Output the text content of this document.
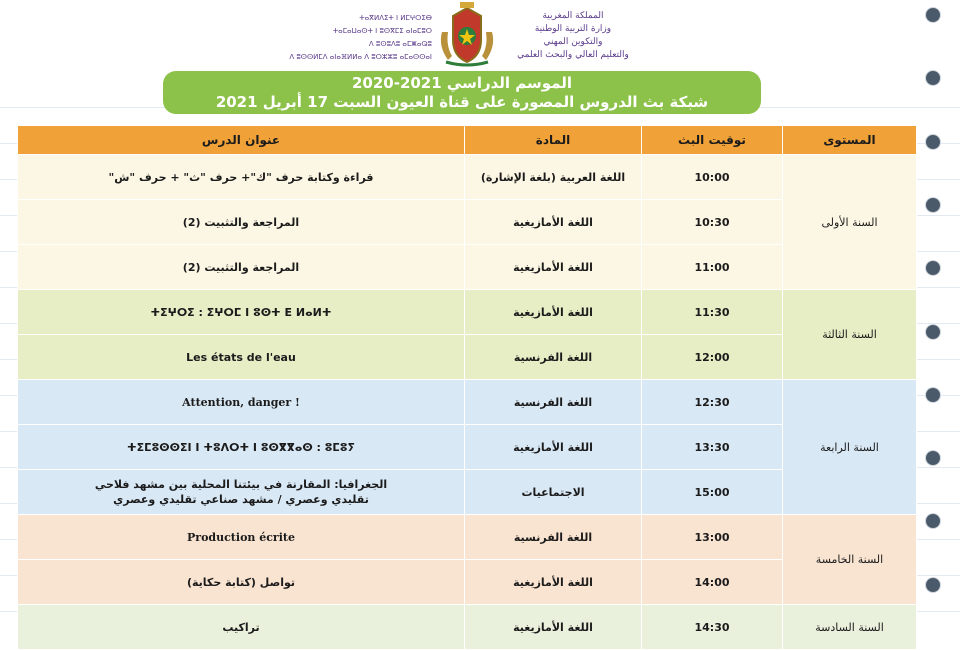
ⵜⴰⴳⵍⴷⵉⵜ ⵏ ⵍⵎⵖⵔⵉⴱ
ⵜⴰⵎⴰⵡⴰⵙⵜ ⵏ ⵓⵙⴳⵎⵉ ⴰⵏⴰⵎⵓⵔ
ⴷ ⵓⵙⵓⴷⵓ ⴰⵎⵥⴰⵕⵓ
ⴷ ⵓⵙⵙⵍⵎⴷ ⴰⵏⴰⴼⵍⵍⴰ ⴷ ⵓⵔⵣⵣⵓ ⴰⵎⴰⵙⵙⴰⵏ
المملكة المغربية
وزارة التربية الوطنية
والتكوين المهني
والتعليم العالي والبحث العلمي
الموسم الدراسي 2021-2020
شبكة بث الدروس المصورة على قناة العيون السبت 17 أبريل 2021
عنوان الدرس	المادة	توقيت البث	المستوى
قراءة وكتابة حرف "ك"+ حرف "ث" + حرف "ش"	اللغة العربية (بلغة الإشارة)	10:00	السنة الأولى
المراجعة والتثبيت (2)	اللغة الأمازيغية	10:30	
المراجعة والتثبيت (2)	اللغة الأمازيغية	11:00	
ⵜⵉⵖⵔⵉ : ⵉⵖⵔⵎ ⵏ ⵓⵙⵜ ⴹ ⵍⴰⵍⵜ	اللغة الأمازيغية	11:30	السنة الثالثة
Les états de l'eau	اللغة الفرنسية	12:00	
Attention, danger !	اللغة الفرنسية	12:30	السنة الرابعة
ⵜⵉⵎⵓⵙⵙⵉⵏ ⵏ ⵜⵓⴷⵔⵜ ⵏ ⵓⵙⴳⴳⴰⵙ : ⵓⵎⵓⵢ	اللغة الأمازيغية	13:30	

الجغرافيا: المقارنة في بيئتنا المحلية بين مشهد فلاحي
تقليدي وعصري / مشهد صناعي تقليدي وعصري	الاجتماعيات	15:00	
Production écrite	اللغة الفرنسية	13:00	السنة الخامسة
تواصل (كتابة حكاية)	اللغة الأمازيغية	14:00	
تراكيب	اللغة الأمازيغية	14:30	السنة السادسة
